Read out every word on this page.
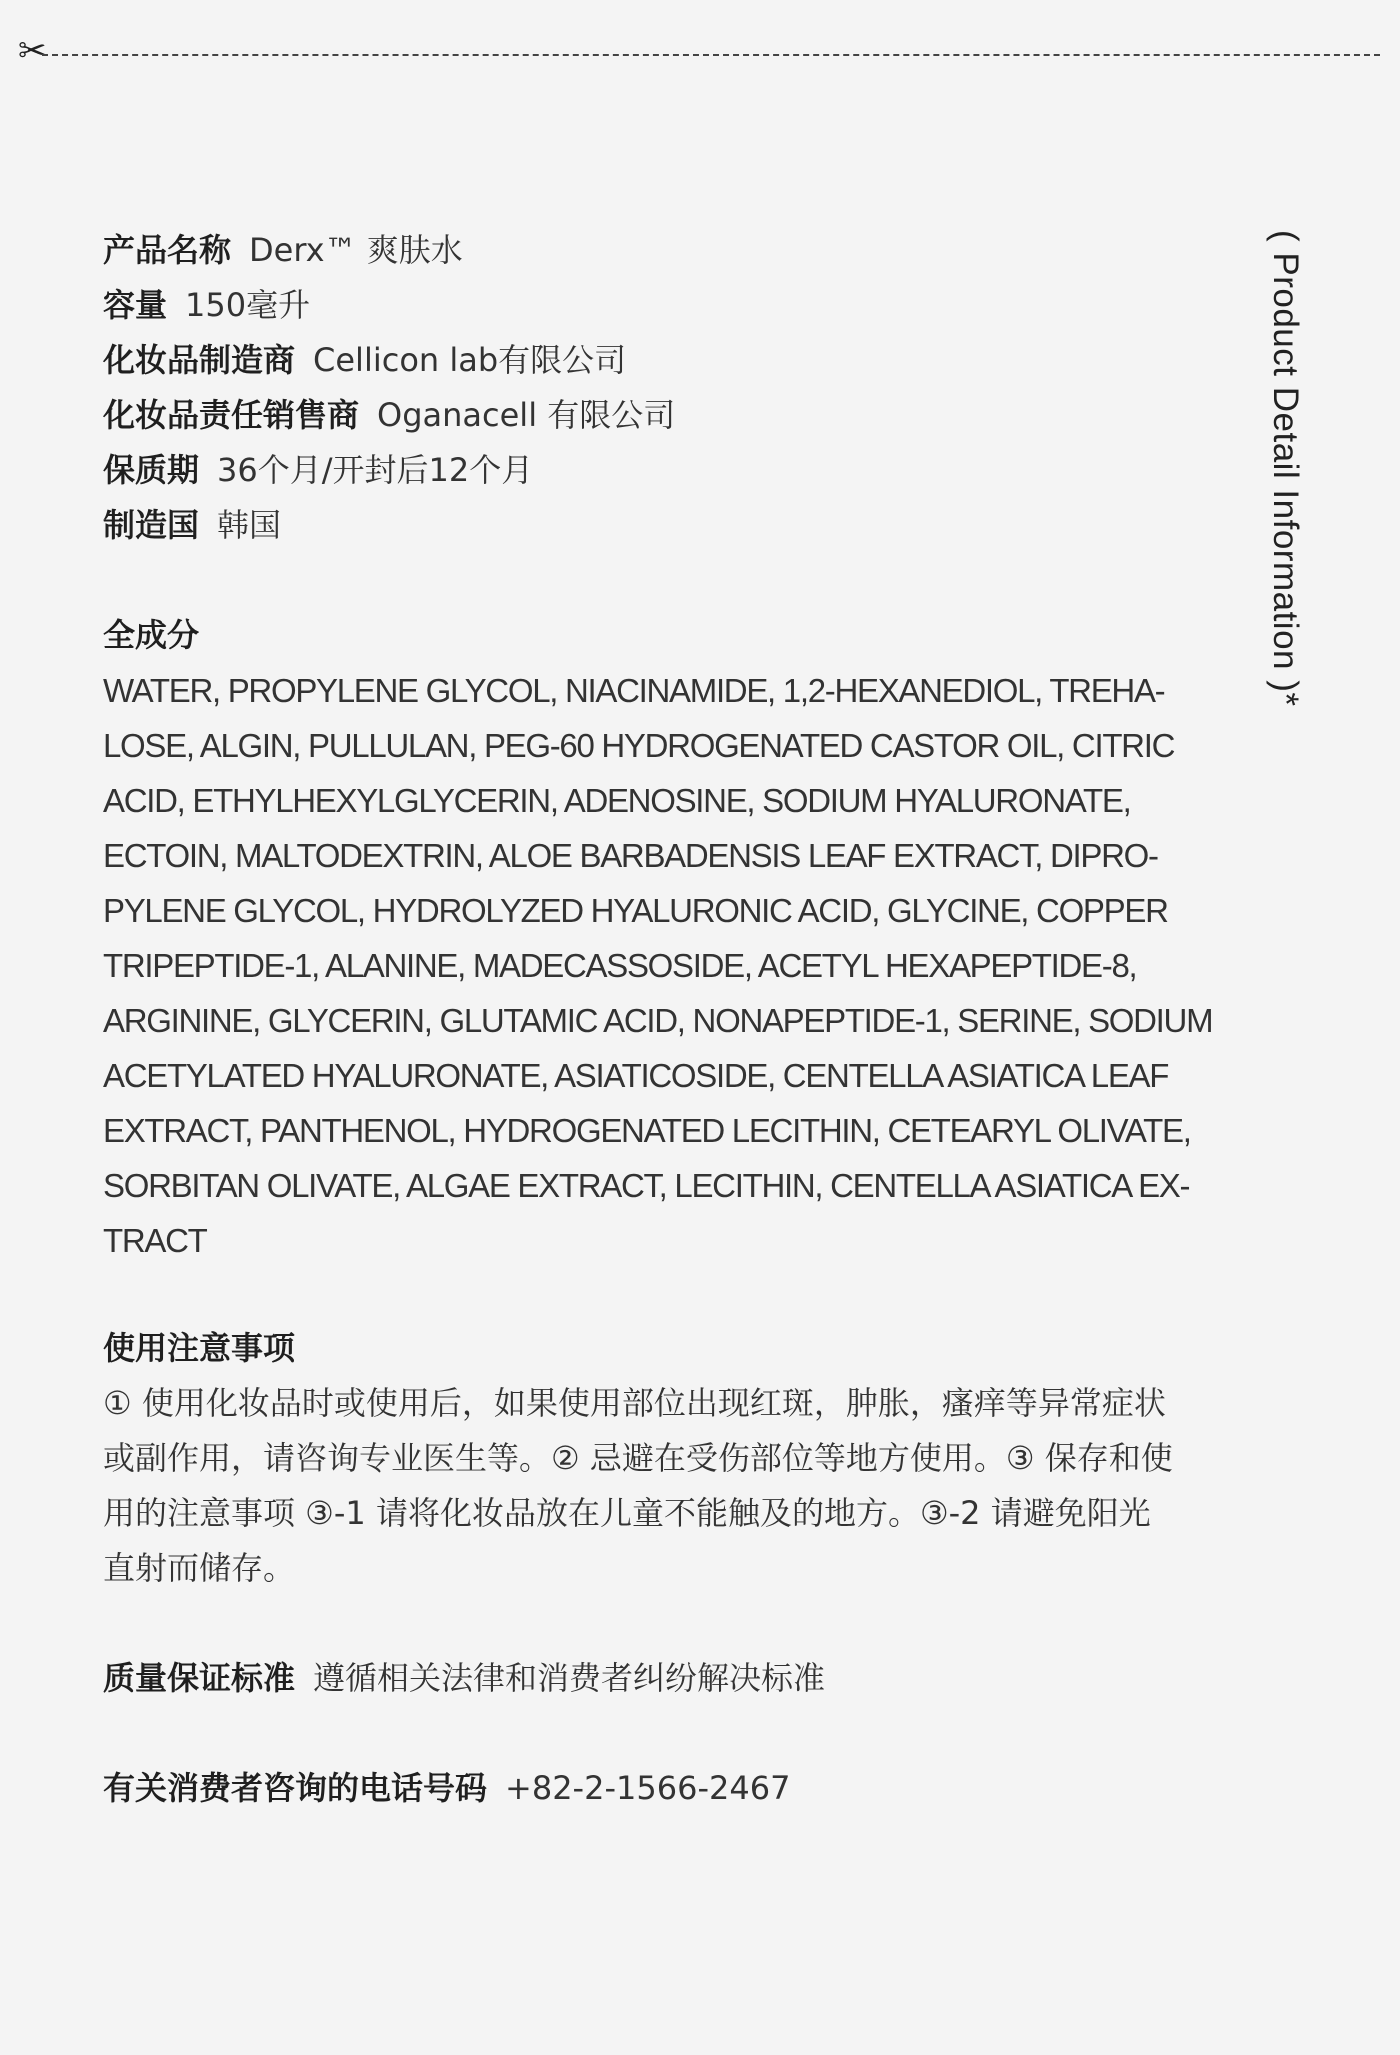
✂
( Product Detail Information )*
产品名称 Derx™ 爽肤水
容量 150毫升
化妆品制造商 Cellicon lab有限公司
化妆品责任销售商 Oganacell 有限公司
保质期 36个月/开封后12个月
制造国 韩国
全成分
WATER, PROPYLENE GLYCOL, NIACINAMIDE, 1,2-HEXANEDIOL, TREHA-
LOSE, ALGIN, PULLULAN, PEG-60 HYDROGENATED CASTOR OIL, CITRIC
ACID, ETHYLHEXYLGLYCERIN, ADENOSINE, SODIUM HYALURONATE,
ECTOIN, MALTODEXTRIN, ALOE BARBADENSIS LEAF EXTRACT, DIPRO-
PYLENE GLYCOL, HYDROLYZED HYALURONIC ACID, GLYCINE, COPPER
TRIPEPTIDE-1, ALANINE, MADECASSOSIDE, ACETYL HEXAPEPTIDE-8,
ARGININE, GLYCERIN, GLUTAMIC ACID, NONAPEPTIDE-1, SERINE, SODIUM
ACETYLATED HYALURONATE, ASIATICOSIDE, CENTELLA ASIATICA LEAF
EXTRACT, PANTHENOL, HYDROGENATED LECITHIN, CETEARYL OLIVATE,
SORBITAN OLIVATE, ALGAE EXTRACT, LECITHIN, CENTELLA ASIATICA EX-
TRACT
使用注意事项
① 使用化妆品时或使用后，如果使用部位出现红斑，肿胀，瘙痒等异常症状
或副作用，请咨询专业医生等。② 忌避在受伤部位等地方使用。③ 保存和使
用的注意事项 ③-1 请将化妆品放在儿童不能触及的地方。③-2 请避免阳光
直射而储存。
质量保证标准 遵循相关法律和消费者纠纷解决标准
有关消费者咨询的电话号码 +82-2-1566-2467
